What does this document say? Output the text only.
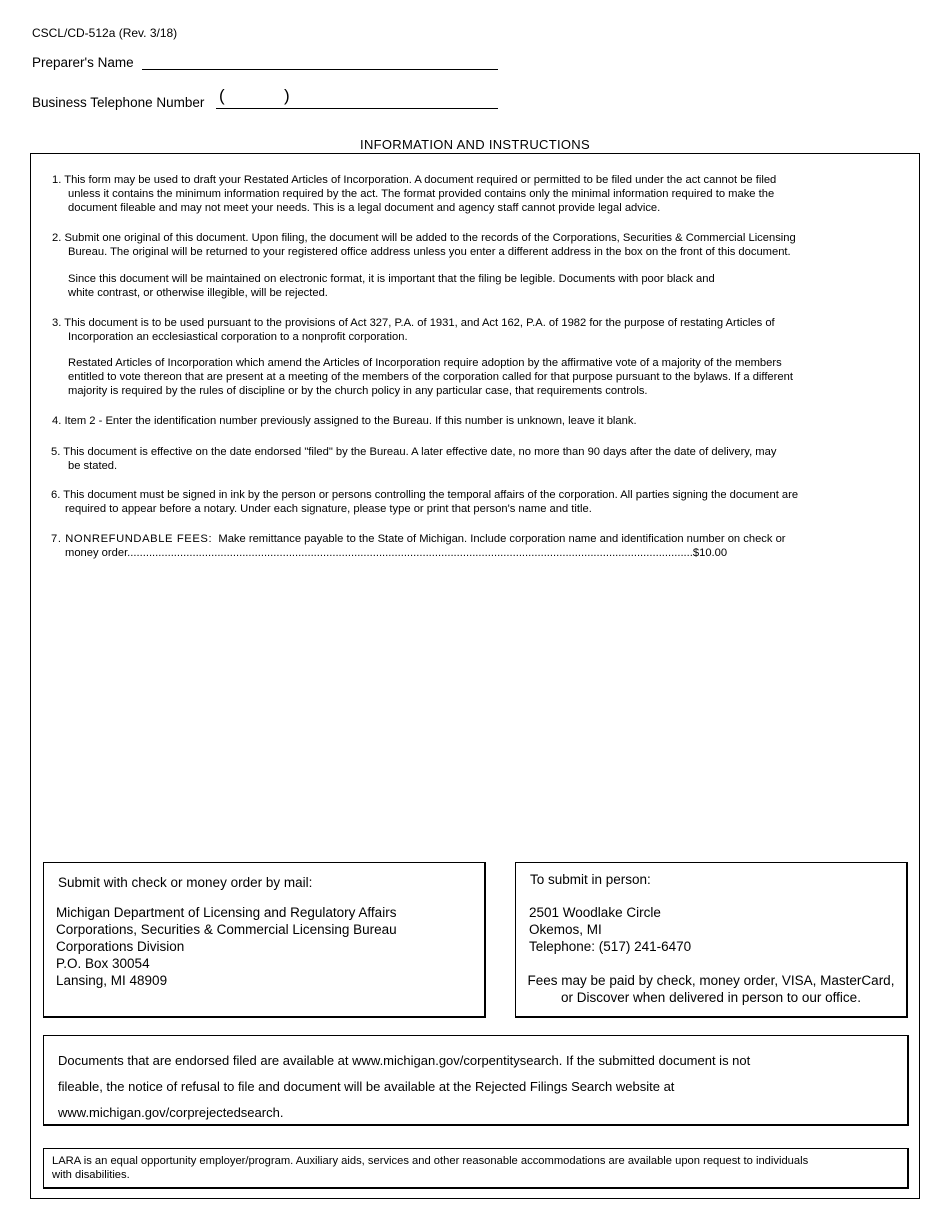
CSCL/CD-512a (Rev. 3/18)
Preparer's Name
Business Telephone Number (	)
INFORMATION AND INSTRUCTIONS

1. This form may be used to draft your Restated Articles of Incorporation. A document required or permitted to be filed under the act cannot be filed

unless it contains the minimum information required by the act. The format provided contains only the minimal information required to make the

document fileable and may not meet your needs. This is a legal document and agency staff cannot provide legal advice.

2. Submit one original of this document. Upon filing, the document will be added to the records of the Corporations, Securities & Commercial Licensing

Bureau. The original will be returned to your registered office address unless you enter a different address in the box on the front of this document.

Since this document will be maintained on electronic format, it is important that the filing be legible. Documents with poor black and

white contrast, or otherwise illegible, will be rejected.

3. This document is to be used pursuant to the provisions of Act 327, P.A. of 1931, and Act 162, P.A. of 1982 for the purpose of restating Articles of

Incorporation an ecclesiastical corporation to a nonprofit corporation.

Restated Articles of Incorporation which amend the Articles of Incorporation require adoption by the affirmative vote of a majority of the members

entitled to vote thereon that are present at a meeting of the members of the corporation called for that purpose pursuant to the bylaws. If a different

majority is required by the rules of discipline or by the church policy in any particular case, that requirements controls.

4. Item 2 - Enter the identification number previously assigned to the Bureau. If this number is unknown, leave it blank.

5. This document is effective on the date endorsed "filed" by the Bureau. A later effective date, no more than 90 days after the date of delivery, may

be stated.

6. This document must be signed in ink by the person or persons controlling the temporal affairs of the corporation. All parties signing the document are

required to appear before a notary. Under each signature, please type or print that person's name and title.

7. NONREFUNDABLE FEES: Make remittance payable to the State of Michigan. Include corporation name and identification number on check or

money order......................................................................................................................................................................................$10.00

Submit with check or money order by mail:
Michigan Department of Licensing and Regulatory Affairs
Corporations, Securities & Commercial Licensing Bureau
Corporations Division
P.O. Box 30054
Lansing, MI 48909
To submit in person:
2501 Woodlake Circle
Okemos, MI
Telephone: (517) 241-6470
Fees may be paid by check, money order, VISA, MasterCard,
or Discover when delivered in person to our office.
Documents that are endorsed filed are available at www.michigan.gov/corpentitysearch. If the submitted document is not
fileable, the notice of refusal to file and document will be available at the Rejected Filings Search website at
www.michigan.gov/corprejectedsearch.
LARA is an equal opportunity employer/program. Auxiliary aids, services and other reasonable accommodations are available upon request to individuals
with disabilities.
